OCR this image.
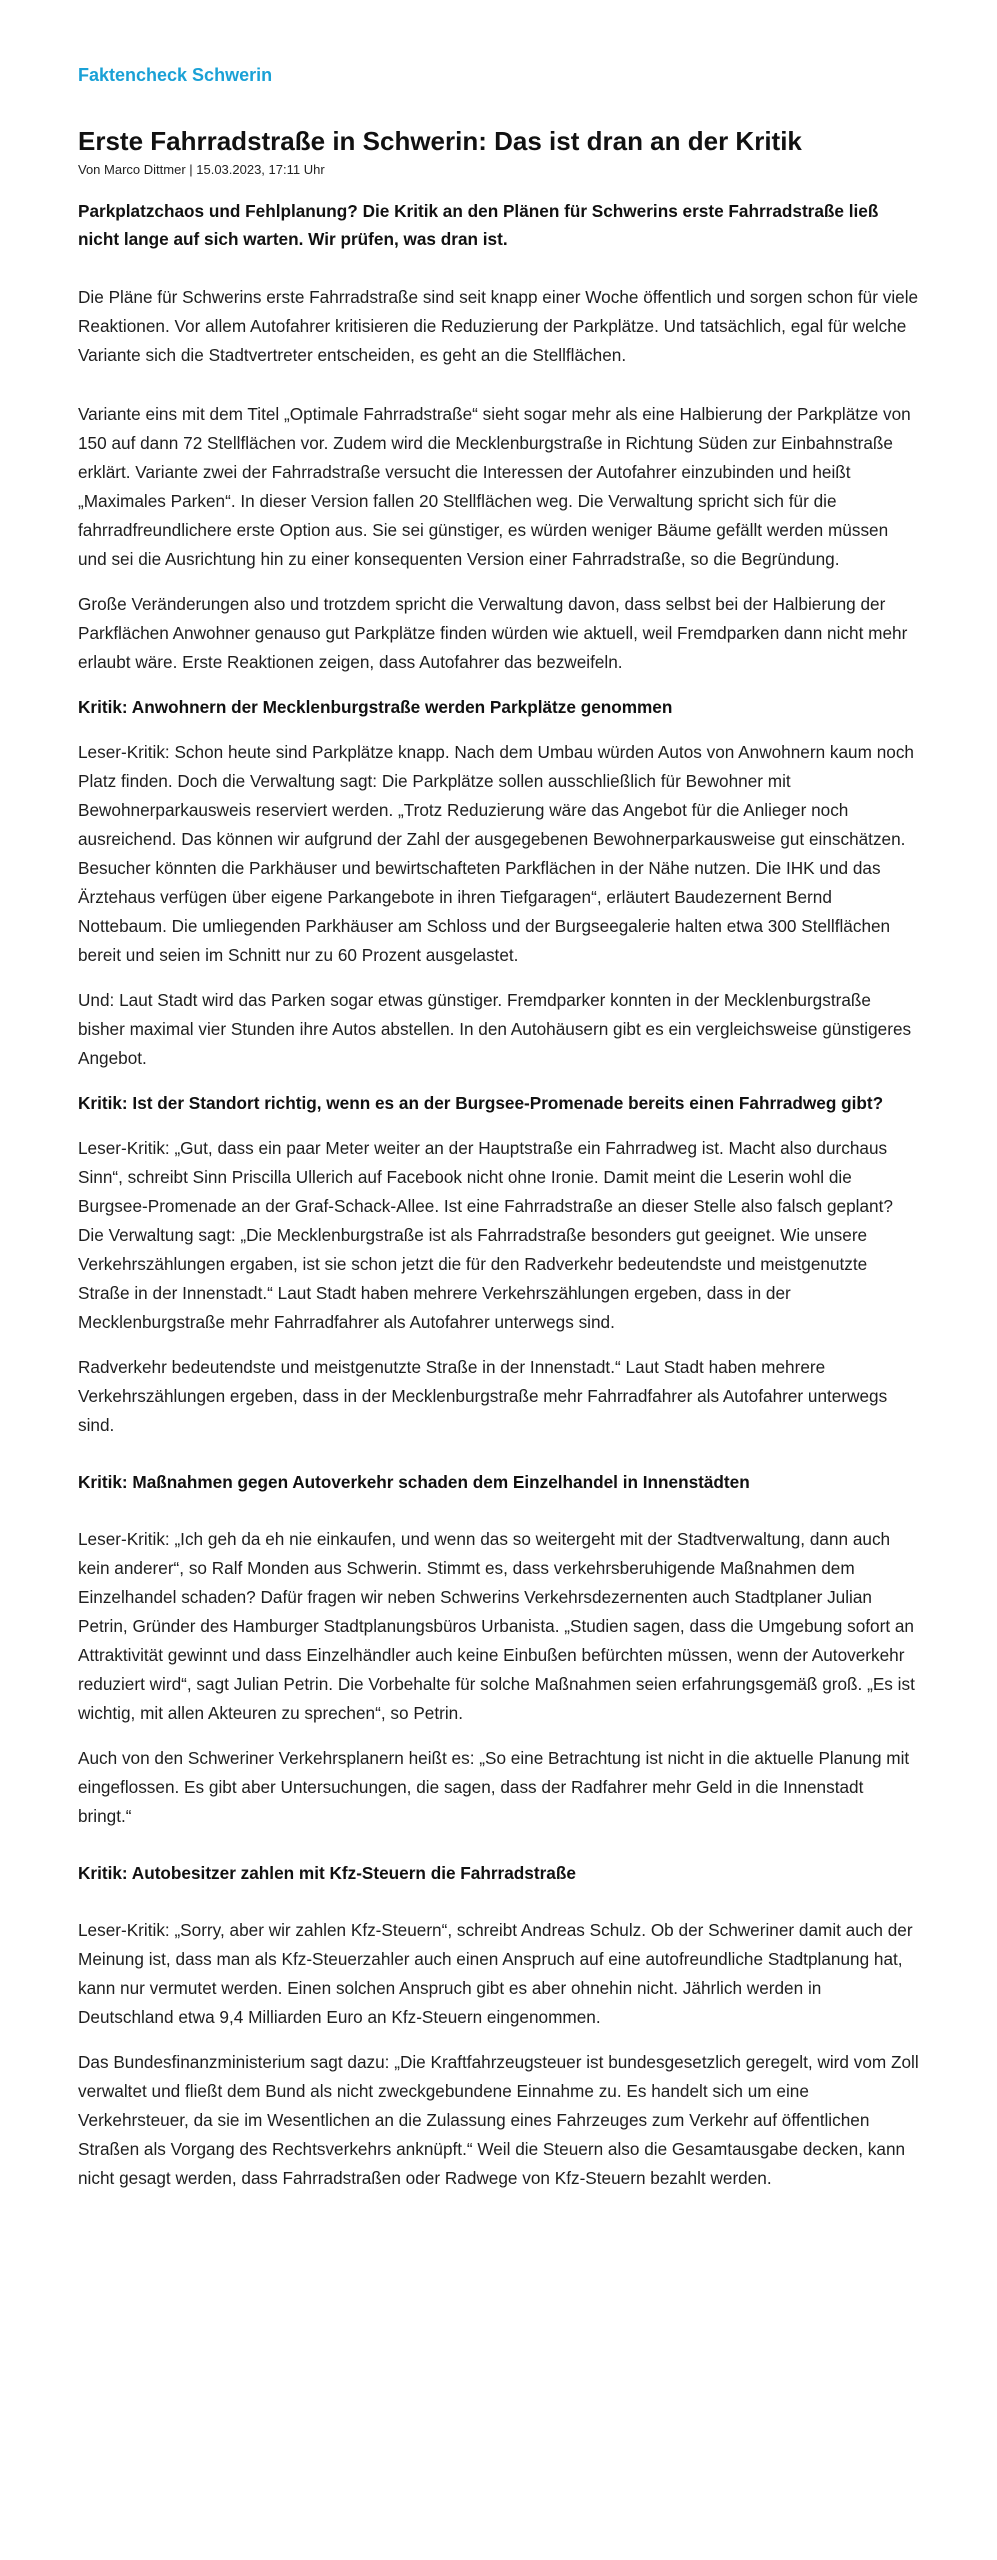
Faktencheck Schwerin

Erste Fahrradstraße in Schwerin: Das ist dran an der Kritik

Von Marco Dittmer | 15.03.2023, 17:11 Uhr

Parkplatzchaos und Fehlplanung? Die Kritik an den Plänen für Schwerins erste Fahrradstraße ließ nicht lange auf sich warten. Wir prüfen, was dran ist.

Die Pläne für Schwerins erste Fahrradstraße sind seit knapp einer Woche öffentlich und sorgen schon für viele Reaktionen. Vor allem Autofahrer kritisieren die Reduzierung der Parkplätze. Und tatsächlich, egal für welche Variante sich die Stadtvertreter entscheiden, es geht an die Stellflächen.

Variante eins mit dem Titel „Optimale Fahrradstraße“ sieht sogar mehr als eine Halbierung der Parkplätze von 150 auf dann 72 Stellflächen vor. Zudem wird die Mecklenburgstraße in Richtung Süden zur Einbahnstraße erklärt. Variante zwei der Fahrradstraße versucht die Interessen der Autofahrer einzubinden und heißt „Maximales Parken“. In dieser Version fallen 20 Stellflächen weg. Die Verwaltung spricht sich für die fahrradfreundlichere erste Option aus. Sie sei günstiger, es würden weniger Bäume gefällt werden müssen und sei die Ausrichtung hin zu einer konsequenten Version einer Fahrradstraße, so die Begründung.

Große Veränderungen also und trotzdem spricht die Verwaltung davon, dass selbst bei der Halbierung der Parkflächen Anwohner genauso gut Parkplätze finden würden wie aktuell, weil Fremdparken dann nicht mehr erlaubt wäre. Erste Reaktionen zeigen, dass Autofahrer das bezweifeln.

Kritik: Anwohnern der Mecklenburgstraße werden Parkplätze genommen

Leser-Kritik: Schon heute sind Parkplätze knapp. Nach dem Umbau würden Autos von Anwohnern kaum noch Platz finden. Doch die Verwaltung sagt: Die Parkplätze sollen ausschließlich für Bewohner mit Bewohnerparkausweis reserviert werden. „Trotz Reduzierung wäre das Angebot für die Anlieger noch ausreichend. Das können wir aufgrund der Zahl der ausgegebenen Bewohnerparkausweise gut einschätzen. Besucher könnten die Parkhäuser und bewirtschafteten Parkflächen in der Nähe nutzen. Die IHK und das Ärztehaus verfügen über eigene Parkangebote in ihren Tiefgaragen“, erläutert Baudezernent Bernd Nottebaum. Die umliegenden Parkhäuser am Schloss und der Burgseegalerie halten etwa 300 Stellflächen bereit und seien im Schnitt nur zu 60 Prozent ausgelastet.

Und: Laut Stadt wird das Parken sogar etwas günstiger. Fremdparker konnten in der Mecklenburgstraße bisher maximal vier Stunden ihre Autos abstellen. In den Autohäusern gibt es ein vergleichsweise günstigeres Angebot.

Kritik: Ist der Standort richtig, wenn es an der Burgsee-Promenade bereits einen Fahrradweg gibt?

Leser-Kritik: „Gut, dass ein paar Meter weiter an der Hauptstraße ein Fahrradweg ist. Macht also durchaus Sinn“, schreibt Sinn Priscilla Ullerich auf Facebook nicht ohne Ironie. Damit meint die Leserin wohl die Burgsee-Promenade an der Graf-Schack-Allee. Ist eine Fahrradstraße an dieser Stelle also falsch geplant? Die Verwaltung sagt: „Die Mecklenburgstraße ist als Fahrradstraße besonders gut geeignet. Wie unsere Verkehrszählungen ergaben, ist sie schon jetzt die für den Radverkehr bedeutendste und meistgenutzte Straße in der Innenstadt.“ Laut Stadt haben mehrere Verkehrszählungen ergeben, dass in der Mecklenburgstraße mehr Fahrradfahrer als Autofahrer unterwegs sind.

Radverkehr bedeutendste und meistgenutzte Straße in der Innenstadt.“ Laut Stadt haben mehrere Verkehrszählungen ergeben, dass in der Mecklenburgstraße mehr Fahrradfahrer als Autofahrer unterwegs sind.

Kritik: Maßnahmen gegen Autoverkehr schaden dem Einzelhandel in Innenstädten

Leser-Kritik: „Ich geh da eh nie einkaufen, und wenn das so weitergeht mit der Stadtverwaltung, dann auch kein anderer“, so Ralf Monden aus Schwerin. Stimmt es, dass verkehrsberuhigende Maßnahmen dem Einzelhandel schaden? Dafür fragen wir neben Schwerins Verkehrsdezernenten auch Stadtplaner Julian Petrin, Gründer des Hamburger Stadtplanungsbüros Urbanista. „Studien sagen, dass die Umgebung sofort an Attraktivität gewinnt und dass Einzelhändler auch keine Einbußen befürchten müssen, wenn der Autoverkehr reduziert wird“, sagt Julian Petrin. Die Vorbehalte für solche Maßnahmen seien erfahrungsgemäß groß. „Es ist wichtig, mit allen Akteuren zu sprechen“, so Petrin.

Auch von den Schweriner Verkehrsplanern heißt es: „So eine Betrachtung ist nicht in die aktuelle Planung mit eingeflossen. Es gibt aber Untersuchungen, die sagen, dass der Radfahrer mehr Geld in die Innenstadt bringt.“

Kritik: Autobesitzer zahlen mit Kfz-Steuern die Fahrradstraße

Leser-Kritik: „Sorry, aber wir zahlen Kfz-Steuern“, schreibt Andreas Schulz. Ob der Schweriner damit auch der Meinung ist, dass man als Kfz-Steuerzahler auch einen Anspruch auf eine autofreundliche Stadtplanung hat, kann nur vermutet werden. Einen solchen Anspruch gibt es aber ohnehin nicht. Jährlich werden in Deutschland etwa 9,4 Milliarden Euro an Kfz-Steuern eingenommen.

Das Bundesfinanzministerium sagt dazu: „Die Kraftfahrzeugsteuer ist bundesgesetzlich geregelt, wird vom Zoll verwaltet und fließt dem Bund als nicht zweckgebundene Einnahme zu. Es handelt sich um eine Verkehrsteuer, da sie im Wesentlichen an die Zulassung eines Fahrzeuges zum Verkehr auf öffentlichen Straßen als Vorgang des Rechtsverkehrs anknüpft.“ Weil die Steuern also die Gesamtausgabe decken, kann nicht gesagt werden, dass Fahrradstraßen oder Radwege von Kfz-Steuern bezahlt werden.
